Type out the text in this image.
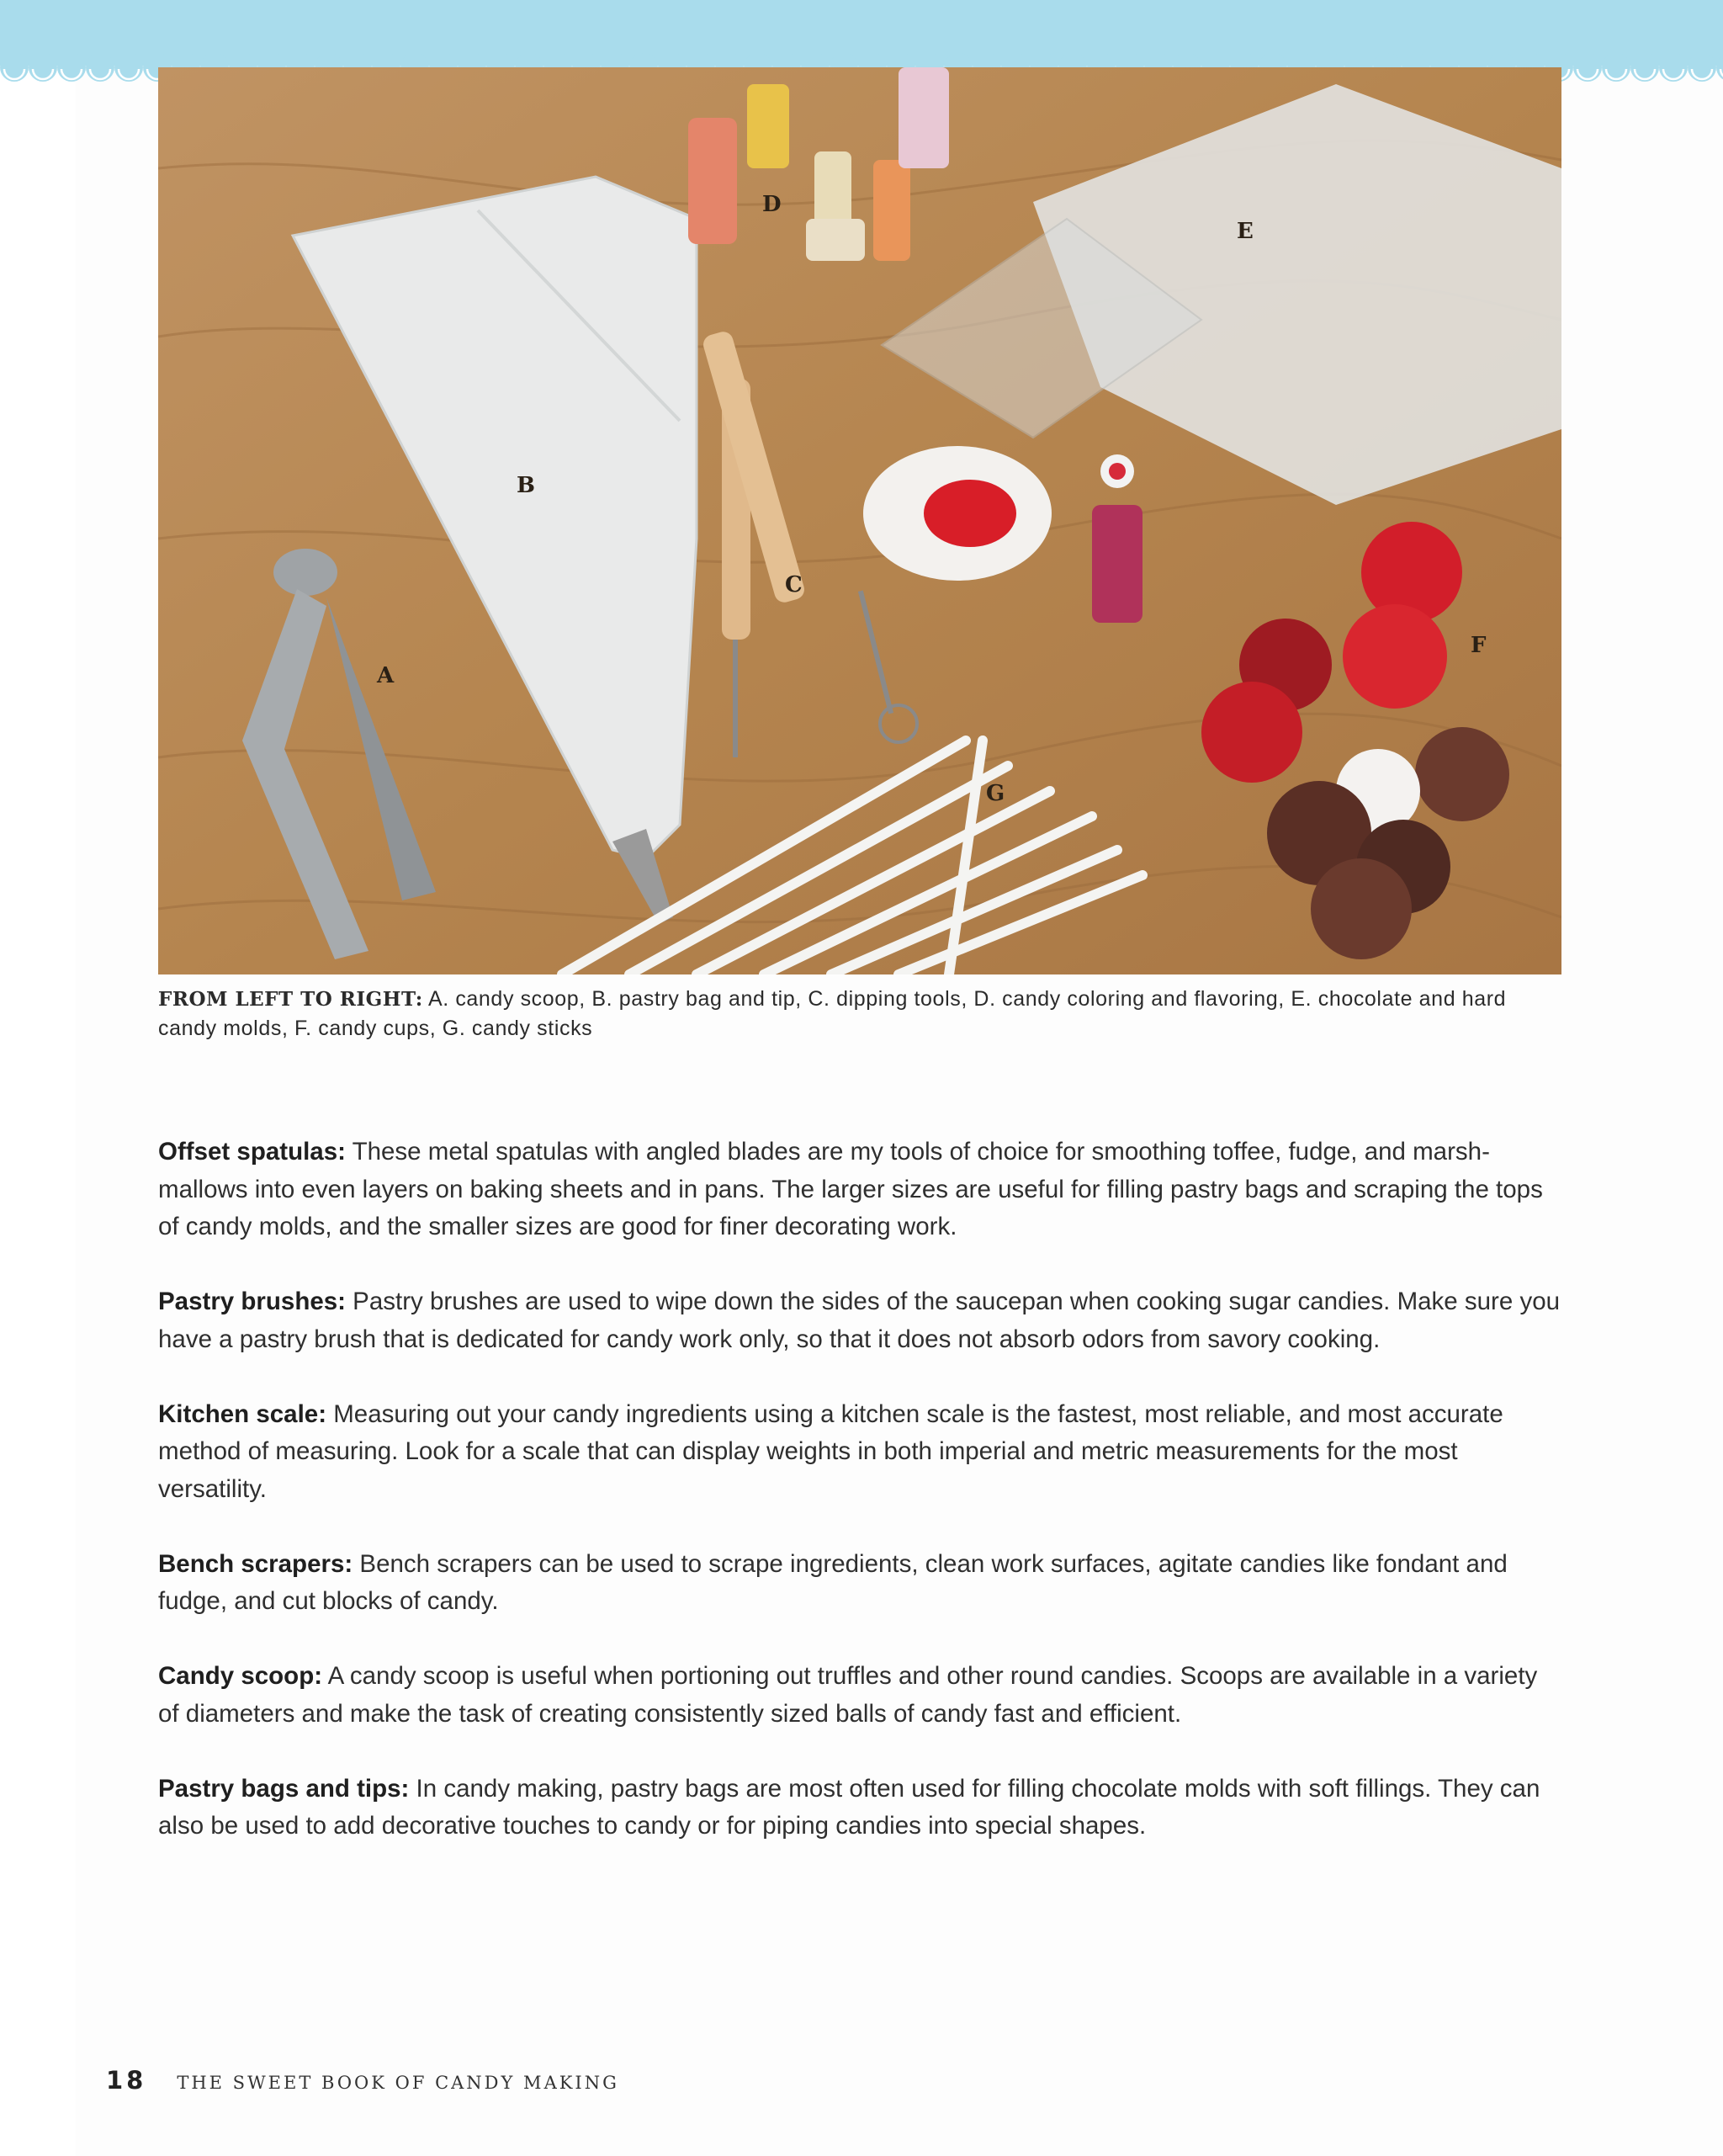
A
B
C
D
E
F
G
FROM LEFT TO RIGHT: A. candy scoop, B. pastry bag and tip, C. dipping tools, D. candy coloring and flavoring, E. chocolate and hard candy molds, F. candy cups, G. candy sticks

Offset spatulas: These metal spatulas with angled blades are my tools of choice for smoothing toffee, fudge, and marshmallows into even layers on baking sheets and in pans. The larger sizes are useful for filling pastry bags and scraping the tops of candy molds, and the smaller sizes are good for finer decorating work.

Pastry brushes: Pastry brushes are used to wipe down the sides of the saucepan when cooking sugar candies. Make sure you have a pastry brush that is dedicated for candy work only, so that it does not absorb odors from savory cooking.

Kitchen scale: Measuring out your candy ingredients using a kitchen scale is the fastest, most reliable, and most accurate method of measuring. Look for a scale that can display weights in both imperial and metric measurements for the most versatility.

Bench scrapers: Bench scrapers can be used to scrape ingredients, clean work surfaces, agitate candies like fondant and fudge, and cut blocks of candy.

Candy scoop: A candy scoop is useful when portioning out truffles and other round candies. Scoops are available in a variety of diameters and make the task of creating consistently sized balls of candy fast and efficient.

Pastry bags and tips: In candy making, pastry bags are most often used for filling chocolate molds with soft fillings. They can also be used to add decorative touches to candy or for piping candies into special shapes.

18 THE SWEET BOOK OF CANDY MAKING
